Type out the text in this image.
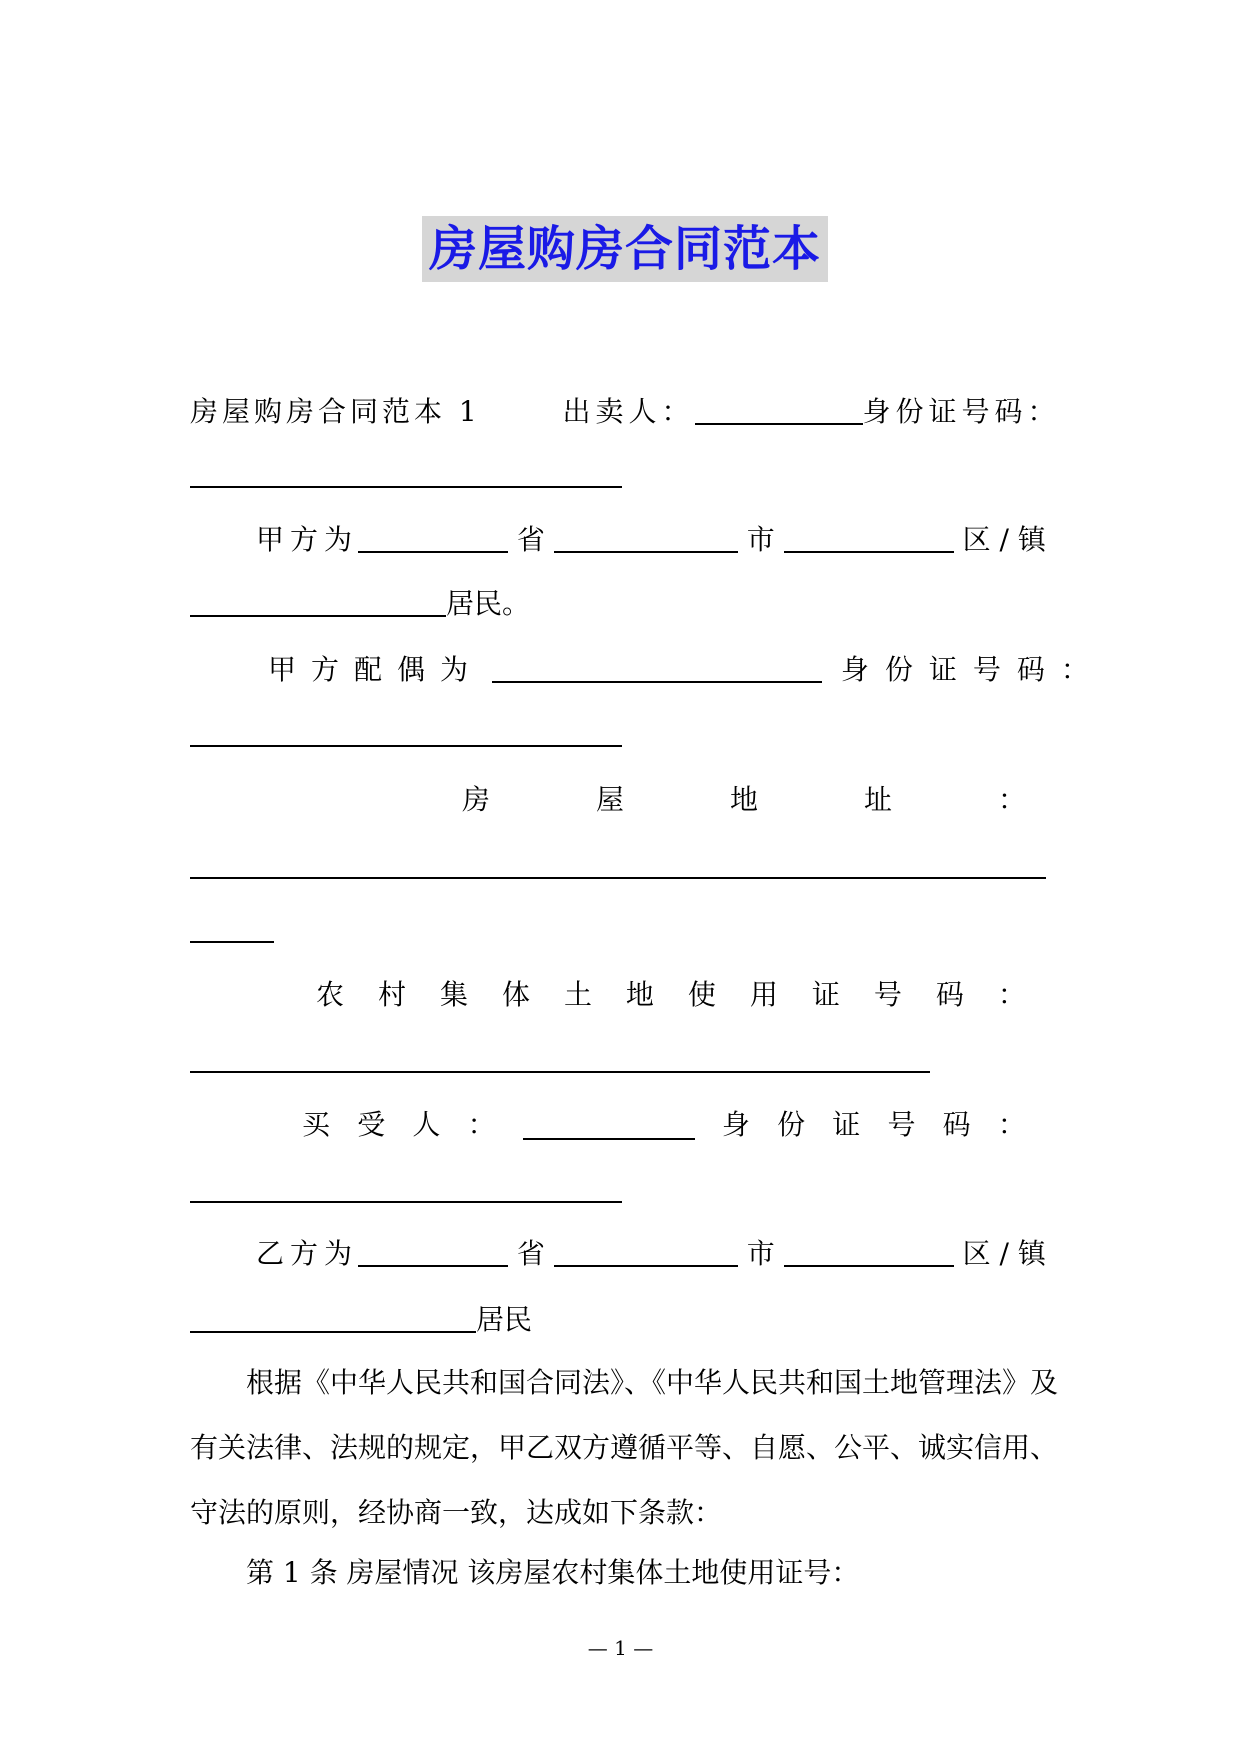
房屋购房合同范本
房屋购房合同范本 1	出卖人：	身份证号码：
甲方为	省	市	区 / 镇
居民。
甲方配偶为	身份证号码：
房	屋	地	址	：
农 村 集 体 土 地 使 用 证 号 码 ：
买 受 人 ：	身 份 证 号 码 ：
乙方为	省	市	区 / 镇
居民
根据《中华人民共和国合同法》、《中华人民共和国土地管理法》及有关法律、法规的规定，甲乙双方遵循平等、自愿、公平、诚实信用、守法的原则，经协商一致，达成如下条款：
第 1 条 房屋情况 该房屋农村集体土地使用证号：
— 1 —
